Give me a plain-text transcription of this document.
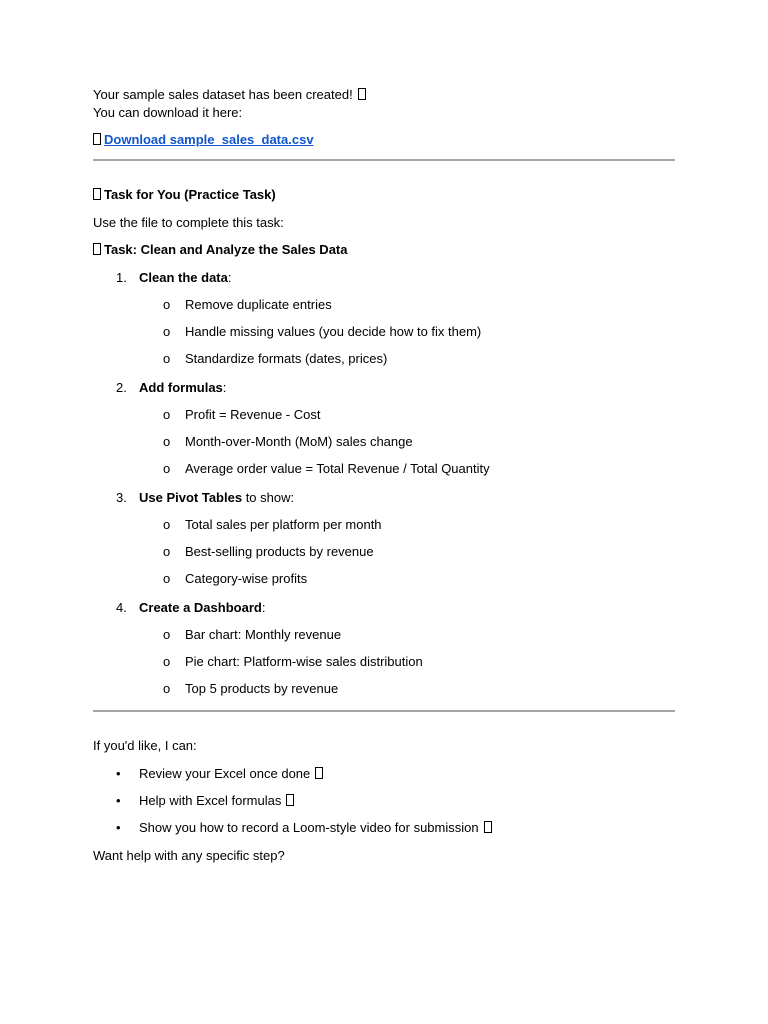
Your sample sales dataset has been created!
You can download it here:
Download sample_sales_data.csv
Task for You (Practice Task)
Use the file to complete this task:
Task: Clean and Analyze the Sales Data
1. Clean the data:
o Remove duplicate entries
o Handle missing values (you decide how to fix them)
o Standardize formats (dates, prices)
2. Add formulas:
o Profit = Revenue - Cost
o Month-over-Month (MoM) sales change
o Average order value = Total Revenue / Total Quantity
3. Use Pivot Tables to show:
o Total sales per platform per month
o Best-selling products by revenue
o Category-wise profits
4. Create a Dashboard:
o Bar chart: Monthly revenue
o Pie chart: Platform-wise sales distribution
o Top 5 products by revenue
If you'd like, I can:
• Review your Excel once done
• Help with Excel formulas
• Show you how to record a Loom-style video for submission
Want help with any specific step?
